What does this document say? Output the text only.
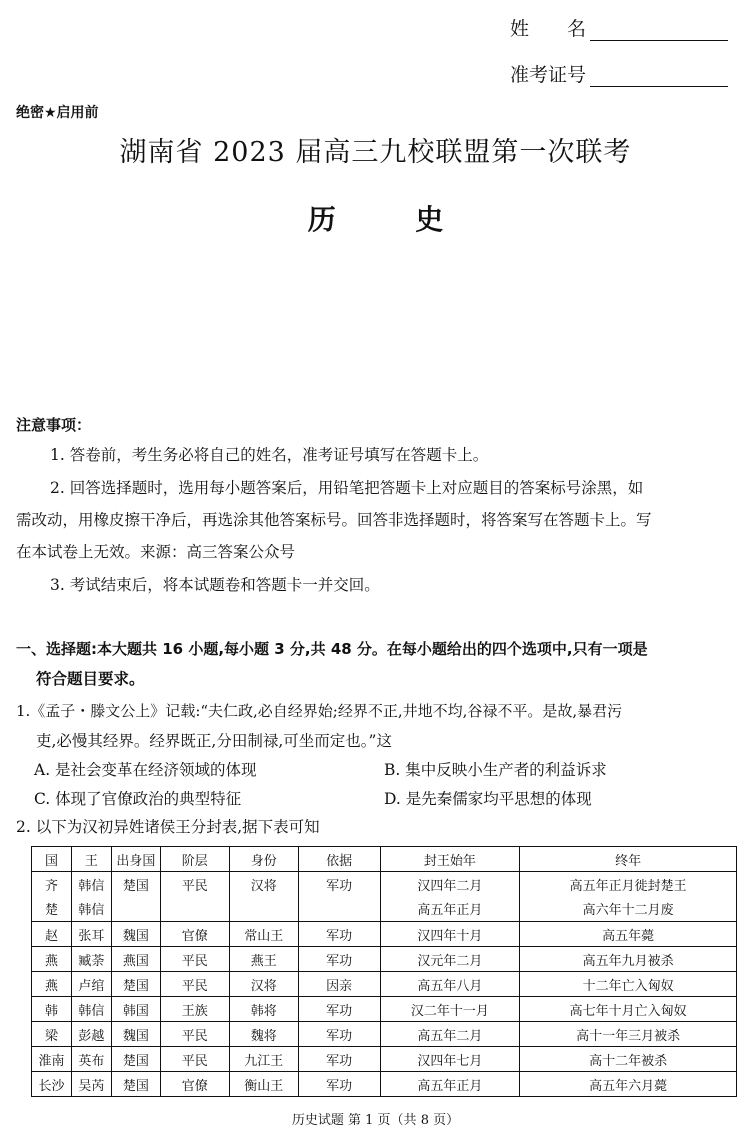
姓　　名
准考证号
绝密★启用前
湖南省 2023 届高三九校联盟第一次联考
历	史
注意事项：
1. 答卷前，考生务必将自己的姓名，准考证号填写在答题卡上。
2. 回答选择题时，选用每小题答案后，用铅笔把答题卡上对应题目的答案标号涂黑，如
需改动，用橡皮擦干净后，再选涂其他答案标号。回答非选择题时，将答案写在答题卡上。写
在本试卷上无效。来源：高三答案公众号
3. 考试结束后，将本试题卷和答题卡一并交回。
一、选择题:本大题共 16 小题,每小题 3 分,共 48 分。在每小题给出的四个选项中,只有一项是
符合题目要求。
1.《孟子・滕文公上》记载:“夫仁政,必自经界始;经界不正,井地不均,谷禄不平。是故,暴君污
吏,必慢其经界。经界既正,分田制禄,可坐而定也。”这
A. 是社会变革在经济领域的体现	B. 集中反映小生产者的利益诉求
C. 体现了官僚政治的典型特征	D. 是先秦儒家均平思想的体现
2. 以下为汉初异姓诸侯王分封表,据下表可知
国	王	出身国	阶层	身份	依据	封王始年	终年
齐	韩信	楚国	平民	汉将	军功	汉四年二月	高五年正月徙封楚王
楚	韩信					高五年正月	高六年十二月废
赵	张耳	魏国	官僚	常山王	军功	汉四年十月	高五年薨
燕	臧荼	燕国	平民	燕王	军功	汉元年二月	高五年九月被杀
燕	卢绾	楚国	平民	汉将	因亲	高五年八月	十二年亡入匈奴
韩	韩信	韩国	王族	韩将	军功	汉二年十一月	高七年十月亡入匈奴
梁	彭越	魏国	平民	魏将	军功	高五年二月	高十一年三月被杀
淮南	英布	楚国	平民	九江王	军功	汉四年七月	高十二年被杀
长沙	吴芮	楚国	官僚	衡山王	军功	高五年正月	高五年六月薨
历史试题 第 1 页（共 8 页）
